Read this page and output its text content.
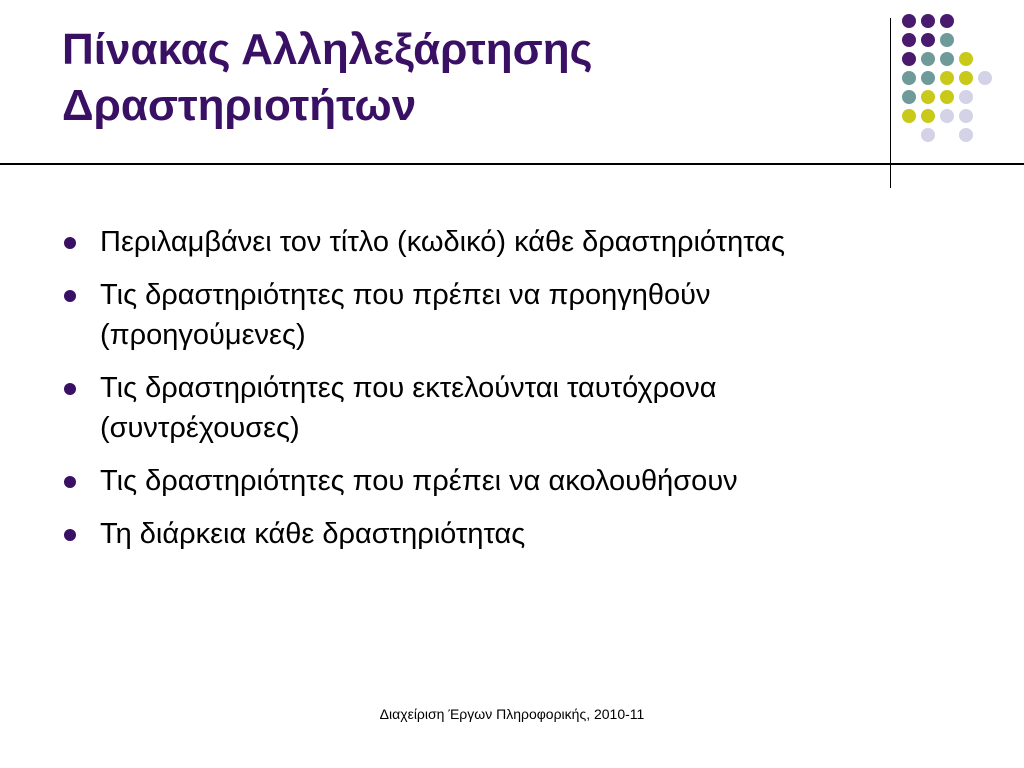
Πίνακας Αλληλεξάρτησης
Δραστηριοτήτων
Περιλαμβάνει τον τίτλο (κωδικό) κάθε δραστηριότητας
Τις δραστηριότητες που πρέπει να προηγηθούν
(προηγούμενες)
Τις δραστηριότητες που εκτελούνται ταυτόχρονα
(συντρέχουσες)
Τις δραστηριότητες που πρέπει να ακολουθήσουν
Τη διάρκεια κάθε δραστηριότητας
Διαχείριση Έργων Πληροφορικής, 2010-11
